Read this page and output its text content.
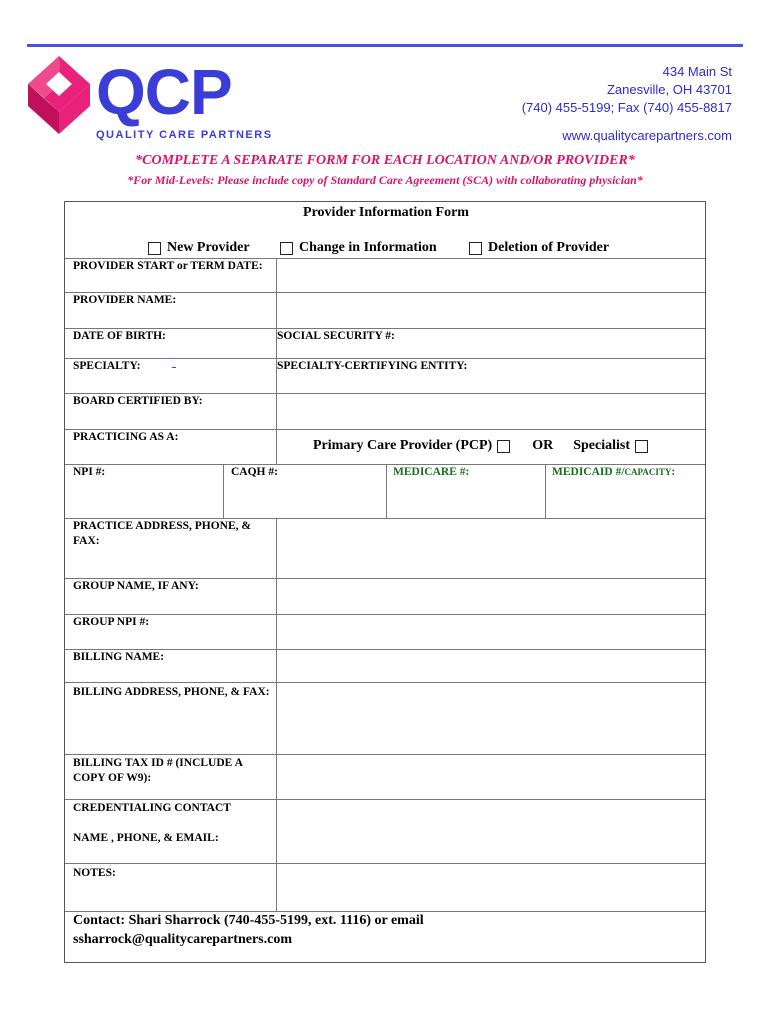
QCP
QUALITY CARE PARTNERS
434 Main St
Zanesville, OH 43701
(740) 455-5199; Fax (740) 455-8817
www.qualitycarepartners.com
*COMPLETE A SEPARATE FORM FOR EACH LOCATION AND/OR PROVIDER*
*For Mid-Levels: Please include copy of Standard Care Agreement (SCA) with collaborating physician*
Provider Information Form
New Provider	Change in Information	Deletion of Provider
PROVIDER START or TERM DATE:
PROVIDER NAME:
DATE OF BIRTH:	SOCIAL SECURITY #:
SPECIALTY:	SPECIALTY-CERTIFYING ENTITY:
BOARD CERTIFIED BY:
PRACTICING AS A:
Primary Care Provider (PCP)	OR Specialist
NPI #:	CAQH #:	MEDICARE #:	MEDICAID #/CAPACITY:
PRACTICE ADDRESS, PHONE, & FAX:
GROUP NAME, IF ANY:
GROUP NPI #:
BILLING NAME:
BILLING ADDRESS, PHONE, & FAX:
BILLING TAX ID # (INCLUDE A COPY OF W9):
CREDENTIALING CONTACT
NAME , PHONE, & EMAIL:
NOTES:
Contact: Shari Sharrock (740-455-5199, ext. 1116) or email
ssharrock@qualitycarepartners.com
